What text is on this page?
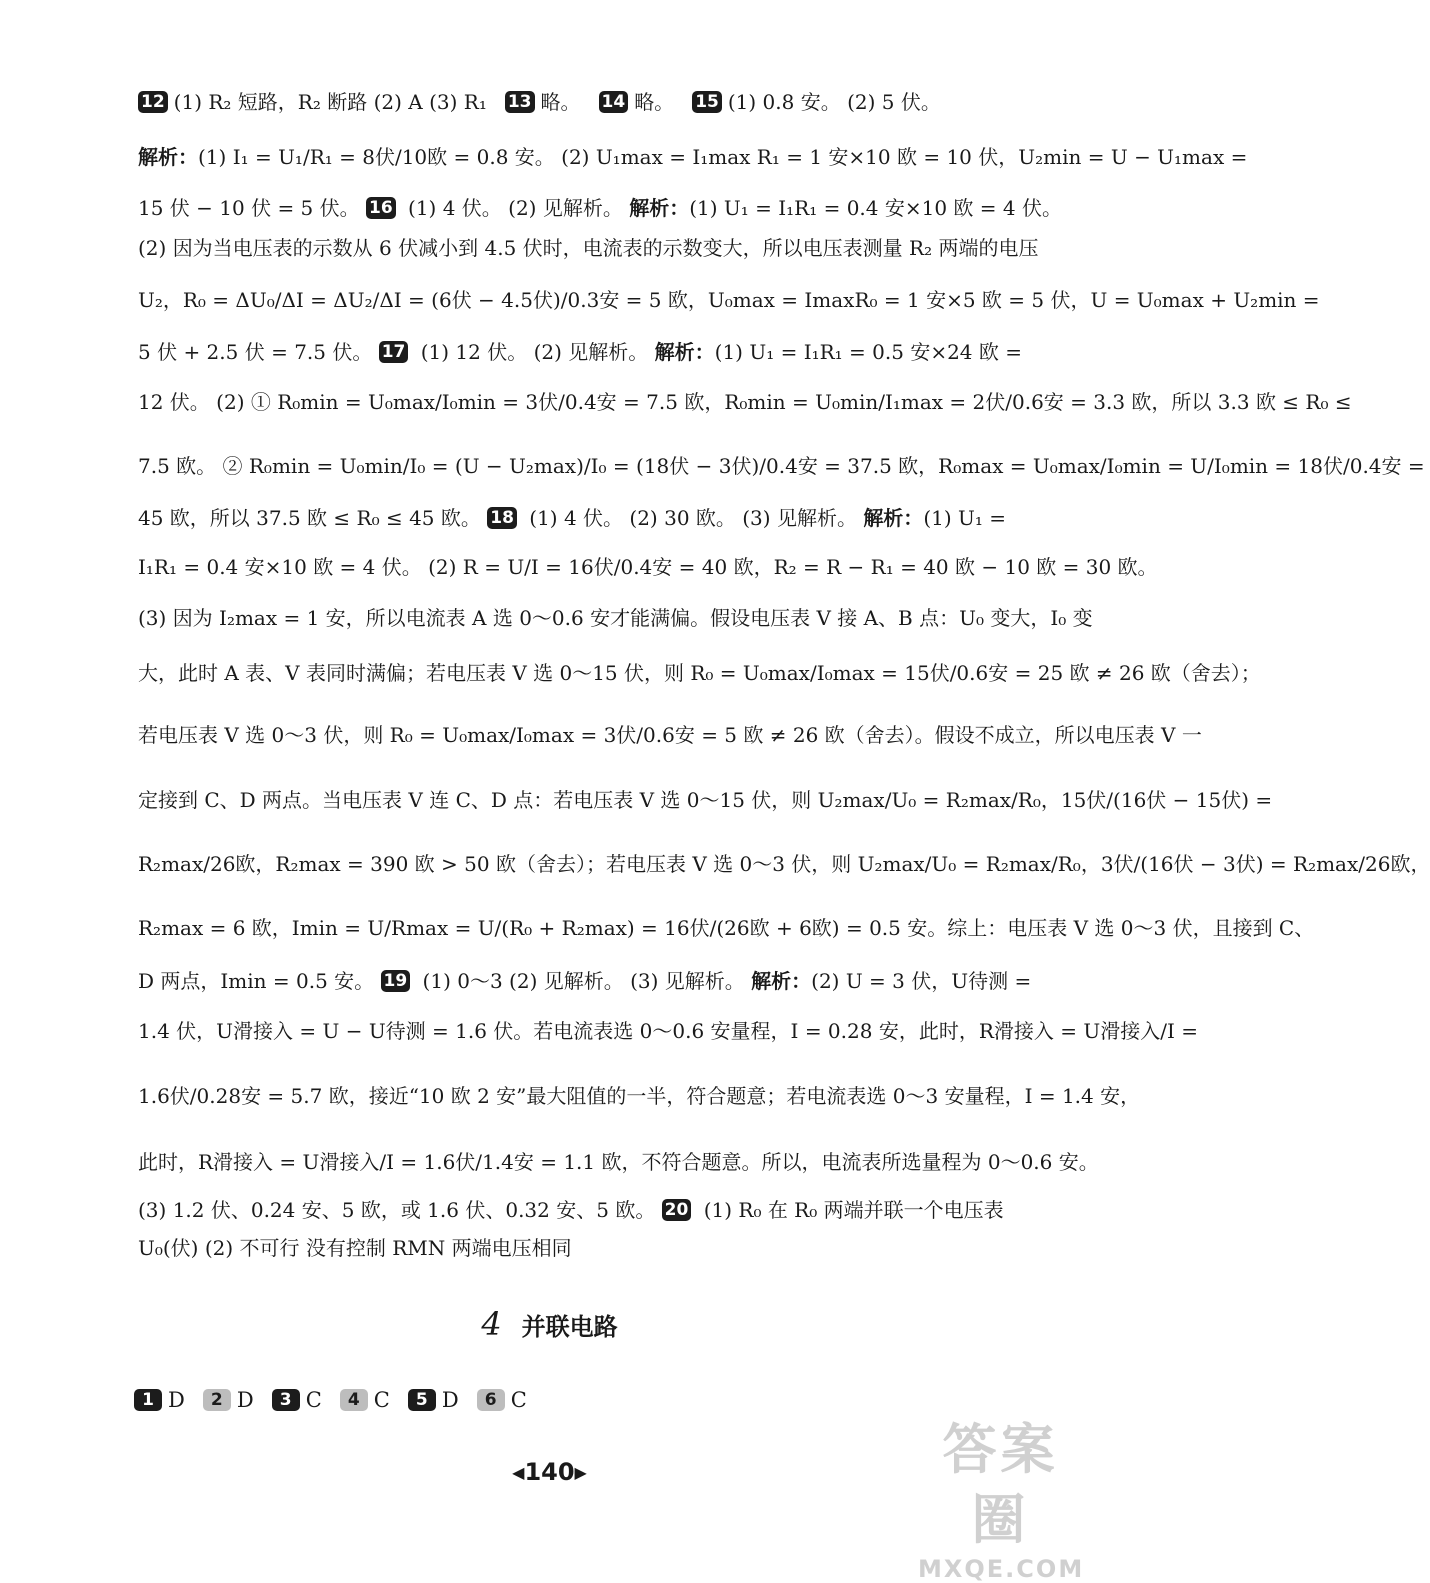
12 (1) R₂ 短路，R₂ 断路 (2) A (3) R₁ 13 略。 14 略。 15 (1) 0.8 安。 (2) 5 伏。
解析：(1) I₁ = U₁/R₁ = 8伏/10欧 = 0.8 安。 (2) U₁max = I₁max R₁ = 1 安×10 欧 = 10 伏，U₂min = U − U₁max =
15 伏 − 10 伏 = 5 伏。 16 (1) 4 伏。 (2) 见解析。 解析：(1) U₁ = I₁R₁ = 0.4 安×10 欧 = 4 伏。
(2) 因为当电压表的示数从 6 伏减小到 4.5 伏时，电流表的示数变大，所以电压表测量 R₂ 两端的电压
U₂，R₀ = ΔU₀/ΔI = ΔU₂/ΔI = (6伏 − 4.5伏)/0.3安 = 5 欧，U₀max = ImaxR₀ = 1 安×5 欧 = 5 伏，U = U₀max + U₂min =
5 伏 + 2.5 伏 = 7.5 伏。 17 (1) 12 伏。 (2) 见解析。 解析：(1) U₁ = I₁R₁ = 0.5 安×24 欧 =
12 伏。 (2) ① R₀min = U₀max/I₀min = 3伏/0.4安 = 7.5 欧，R₀min = U₀min/I₁max = 2伏/0.6安 = 3.3 欧，所以 3.3 欧 ≤ R₀ ≤
7.5 欧。 ② R₀min = U₀min/I₀ = (U − U₂max)/I₀ = (18伏 − 3伏)/0.4安 = 37.5 欧，R₀max = U₀max/I₀min = U/I₀min = 18伏/0.4安 =
45 欧，所以 37.5 欧 ≤ R₀ ≤ 45 欧。 18 (1) 4 伏。 (2) 30 欧。 (3) 见解析。 解析：(1) U₁ =
I₁R₁ = 0.4 安×10 欧 = 4 伏。 (2) R = U/I = 16伏/0.4安 = 40 欧，R₂ = R − R₁ = 40 欧 − 10 欧 = 30 欧。
(3) 因为 I₂max = 1 安，所以电流表 A 选 0～0.6 安才能满偏。假设电压表 V 接 A、B 点：U₀ 变大，I₀ 变
大，此时 A 表、V 表同时满偏；若电压表 V 选 0～15 伏，则 R₀ = U₀max/I₀max = 15伏/0.6安 = 25 欧 ≠ 26 欧（舍去）；
若电压表 V 选 0～3 伏，则 R₀ = U₀max/I₀max = 3伏/0.6安 = 5 欧 ≠ 26 欧（舍去）。假设不成立，所以电压表 V 一
定接到 C、D 两点。当电压表 V 连 C、D 点：若电压表 V 选 0～15 伏，则 U₂max/U₀ = R₂max/R₀，15伏/(16伏 − 15伏) =
R₂max/26欧，R₂max = 390 欧 > 50 欧（舍去）；若电压表 V 选 0～3 伏，则 U₂max/U₀ = R₂max/R₀，3伏/(16伏 − 3伏) = R₂max/26欧，
R₂max = 6 欧，Imin = U/Rmax = U/(R₀ + R₂max) = 16伏/(26欧 + 6欧) = 0.5 安。综上：电压表 V 选 0～3 伏，且接到 C、
D 两点，Imin = 0.5 安。 19 (1) 0～3 (2) 见解析。 (3) 见解析。 解析：(2) U = 3 伏，U待测 =
1.4 伏，U滑接入 = U − U待测 = 1.6 伏。若电流表选 0～0.6 安量程，I = 0.28 安，此时，R滑接入 = U滑接入/I =
1.6伏/0.28安 = 5.7 欧，接近“10 欧 2 安”最大阻值的一半，符合题意；若电流表选 0～3 安量程，I = 1.4 安，
此时，R滑接入 = U滑接入/I = 1.6伏/1.4安 = 1.1 欧，不符合题意。所以，电流表所选量程为 0～0.6 安。
(3) 1.2 伏、0.24 安、5 欧，或 1.6 伏、0.32 安、5 欧。 20 (1) R₀ 在 R₀ 两端并联一个电压表
U₀(伏) (2) 不可行 没有控制 RMN 两端电压相同
4 并联电路
1 D 2 D 3 C 4 C 5 D 6 C
◀140▶	答案圈
MXQE.COM
